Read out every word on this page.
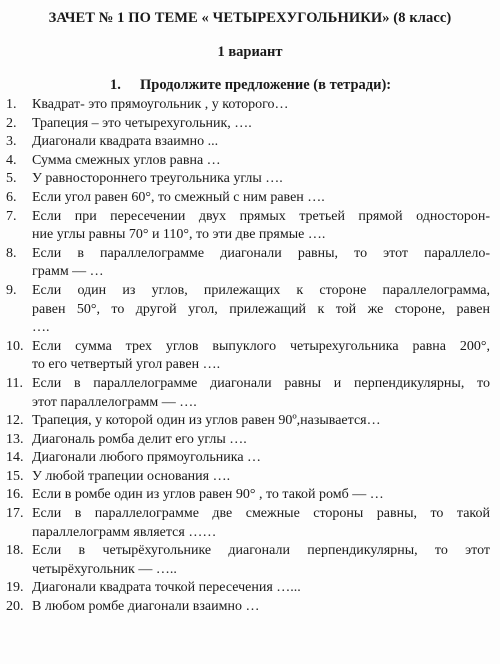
ЗАЧЕТ № 1 ПО ТЕМЕ « ЧЕТЫРЕХУГОЛЬНИКИ» (8 класс)
1 вариант
1. Продолжите предложение (в тетради):
1.	Квадрат- это прямоугольник , у которого…
2.	Трапеция – это четырехугольник, ….
3.	Диагонали квадрата взаимно ...
4.	Сумма смежных углов равна …
5.	У равностороннего треугольника углы ….
6.	Если угол равен 60°, то смежный с ним равен ….
7.	Если при пересечении двух прямых третьей прямой односторон-
ние углы равны 70° и 110°, то эти две прямые ….
8.	Если в параллелограмме диагонали равны, то этот параллело-
грамм — …
9.	Если один из углов, прилежащих к стороне параллелограмма,
равен 50°, то другой угол, прилежащий к той же стороне, равен
….
10. Если сумма трех углов выпуклого четырехугольника равна 200°,
то его четвертый угол равен ….
11. Если в параллелограмме диагонали равны и перпендикулярны, то
этот параллелограмм — ….
12. Трапеция, у которой один из углов равен 90º,называется…
13. Диагональ ромба делит его углы ….
14. Диагонали любого прямоугольника …
15. У любой трапеции основания ….
16. Если в ромбе один из углов равен 90° , то такой ромб — …
17. Если в параллелограмме две смежные стороны равны, то такой
параллелограмм является ……
18. Если в четырёхугольнике диагонали перпендикулярны, то этот
четырёхугольник — …..
19. Диагонали квадрата точкой пересечения …...
20. В любом ромбе диагонали взаимно …
